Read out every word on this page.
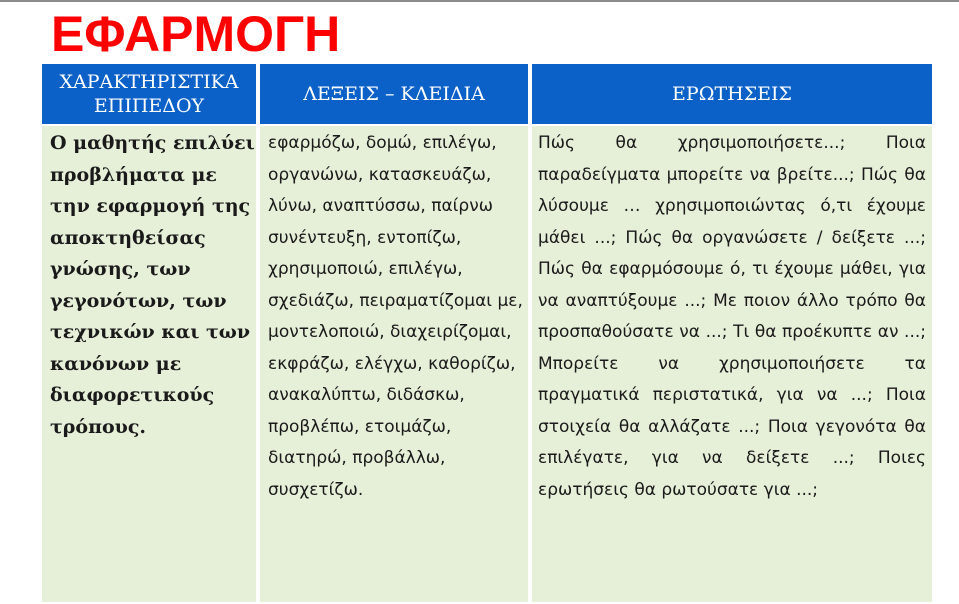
ΕΦΑΡΜΟΓΗ
ΧΑΡΑΚΤΗΡΙΣΤΙΚΑ ΕΠΙΠΕΔΟΥ
ΛΕΞΕΙΣ – ΚΛΕΙΔΙΑ	ΕΡΩΤΗΣΕΙΣ
Ο μαθητής επιλύει προβλήματα με την εφαρμογή της αποκτηθείσας γνώσης, των γεγονότων, των τεχνικών και των κανόνων με διαφορετικούς τρόπους.
εφαρμόζω, δομώ, επιλέγω, οργανώνω, κατασκευάζω, λύνω, αναπτύσσω, παίρνω συνέντευξη, εντοπίζω, χρησιμοποιώ, επιλέγω, σχεδιάζω, πειραματίζομαι με, μοντελοποιώ, διαχειρίζομαι, εκφράζω, ελέγχω, καθορίζω, ανακαλύπτω, διδάσκω, προβλέπω, ετοιμάζω, διατηρώ, προβάλλω, συσχετίζω.
Πώς θα χρησιμοποιήσετε...; Ποια παραδείγματα μπορείτε να βρείτε...; Πώς θα λύσουμε … χρησιμοποιώντας ό,τι έχουμε μάθει ...; Πώς θα οργανώσετε / δείξετε ...; Πώς θα εφαρμόσουμε ό, τι έχουμε μάθει, για να αναπτύξουμε ...; Με ποιον άλλο τρόπο θα προσπαθούσατε να ...; Τι θα προέκυπτε αν ...; Μπορείτε να χρησιμοποιήσετε τα πραγματικά περιστατικά, για να ...; Ποια στοιχεία θα αλλάζατε ...; Ποια γεγονότα θα επιλέγατε, για να δείξετε ...; Ποιες ερωτήσεις θα ρωτούσατε για ...;
